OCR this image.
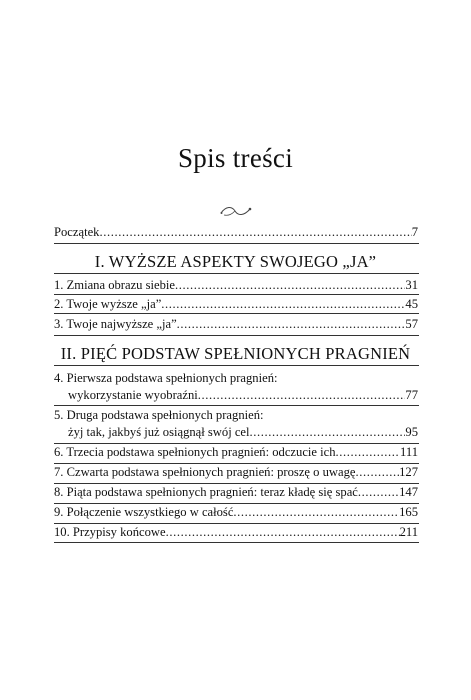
Spis treści
Początek .....	7
I. WYŻSZE ASPEKTY SWOJEGO „JA”
1. Zmiana obrazu siebie .....	31
2. Twoje wyższe „ja” .....	45
3. Twoje najwyższe „ja” .....	57
II. PIĘĆ PODSTAW SPEŁNIONYCH PRAGNIEŃ
4. Pierwsza podstawa spełnionych pragnień:
wykorzystanie wyobraźni .....	77
5. Druga podstawa spełnionych pragnień:
żyj tak, jakbyś już osiągnął swój cel .....	95
6. Trzecia podstawa spełnionych pragnień: odczucie ich .....	111
7. Czwarta podstawa spełnionych pragnień: proszę o uwagę .....	127
8. Piąta podstawa spełnionych pragnień: teraz kładę się spać .....	147
9. Połączenie wszystkiego w całość .....	165
10. Przypisy końcowe .....	211
